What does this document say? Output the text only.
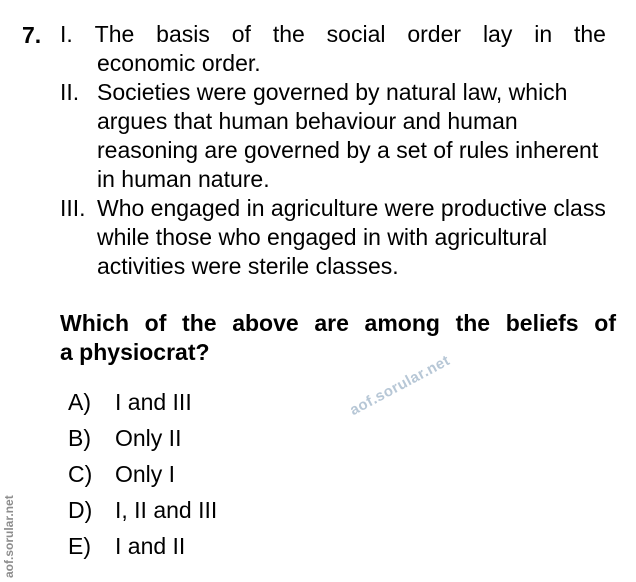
7. I. The basis of the social order lay in the
economic order.
II. Societies were governed by natural law, which argues that human behaviour and human reasoning are governed by a set of rules inherent in human nature.
III. Who engaged in agriculture were productive class while those who engaged in with agricultural activities were sterile classes.
Which of the above are among the beliefs of
a physiocrat?
A) I and III
B) Only II
C) Only I
D) I, II and III
E) I and II
aof.sorular.net
aof.sorular.net
